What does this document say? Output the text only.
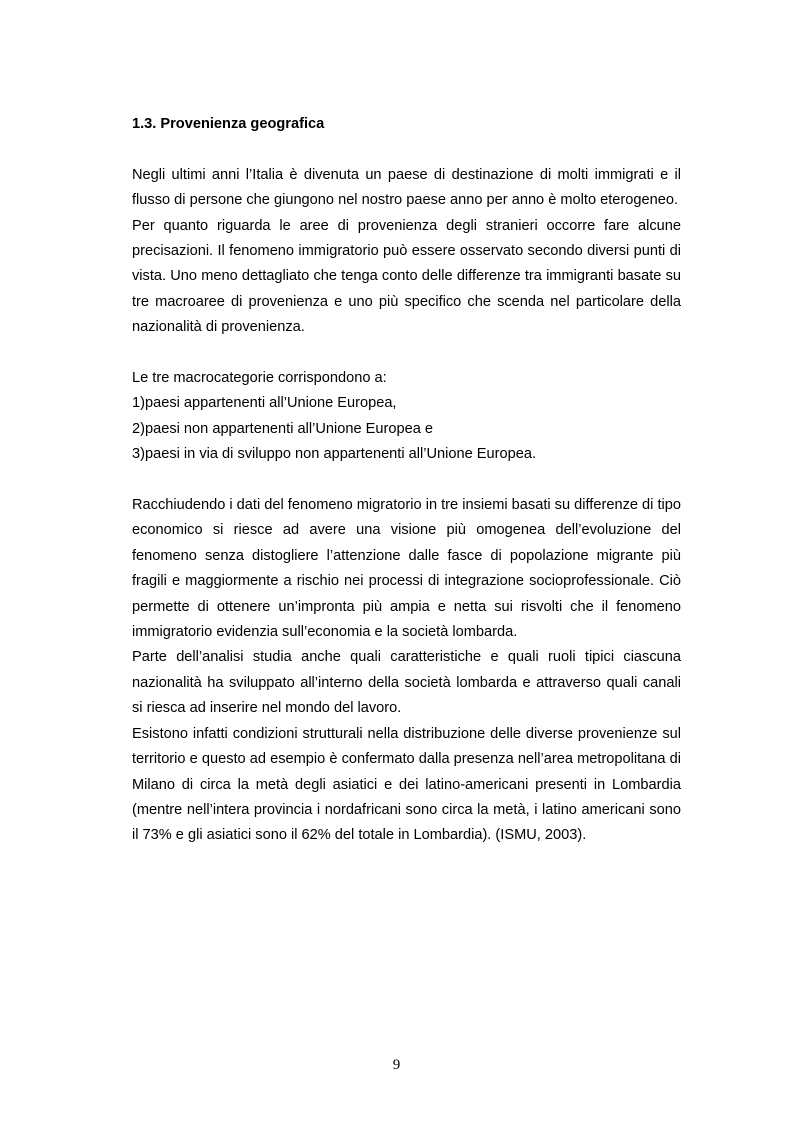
1.3. Provenienza geografica

Negli ultimi anni l’Italia è divenuta un paese di destinazione di molti immigrati e il flusso di persone che giungono nel nostro paese anno per anno è molto eterogeneo.

Per quanto riguarda le aree di provenienza degli stranieri occorre fare alcune precisazioni. Il fenomeno immigratorio può essere osservato secondo diversi punti di vista. Uno meno dettagliato che tenga conto delle differenze tra immigranti basate su tre macroaree di provenienza e uno più specifico che scenda nel particolare della nazionalità di provenienza.

Le tre macrocategorie corrispondono a:

1)paesi appartenenti all’Unione Europea,

2)paesi non appartenenti all’Unione Europea e

3)paesi in via di sviluppo non appartenenti all’Unione Europea.

Racchiudendo i dati del fenomeno migratorio in tre insiemi basati su differenze di tipo economico si riesce ad avere una visione più omogenea dell’evoluzione del fenomeno senza distogliere l’attenzione dalle fasce di popolazione migrante più fragili e maggiormente a rischio nei processi di integrazione socioprofessionale. Ciò permette di ottenere un’impronta più ampia e netta sui risvolti che il fenomeno immigratorio evidenzia sull’economia e la società lombarda.

Parte dell’analisi studia anche quali caratteristiche e quali ruoli tipici ciascuna nazionalità ha sviluppato all’interno della società lombarda e attraverso quali canali si riesca ad inserire nel mondo del lavoro.

Esistono infatti condizioni strutturali nella distribuzione delle diverse provenienze sul territorio e questo ad esempio è confermato dalla presenza nell’area metropolitana di Milano di circa la metà degli asiatici e dei latino-americani presenti in Lombardia (mentre nell’intera provincia i nordafricani sono circa la metà, i latino americani sono il 73% e gli asiatici sono il 62% del totale in Lombardia). (ISMU, 2003).

9
